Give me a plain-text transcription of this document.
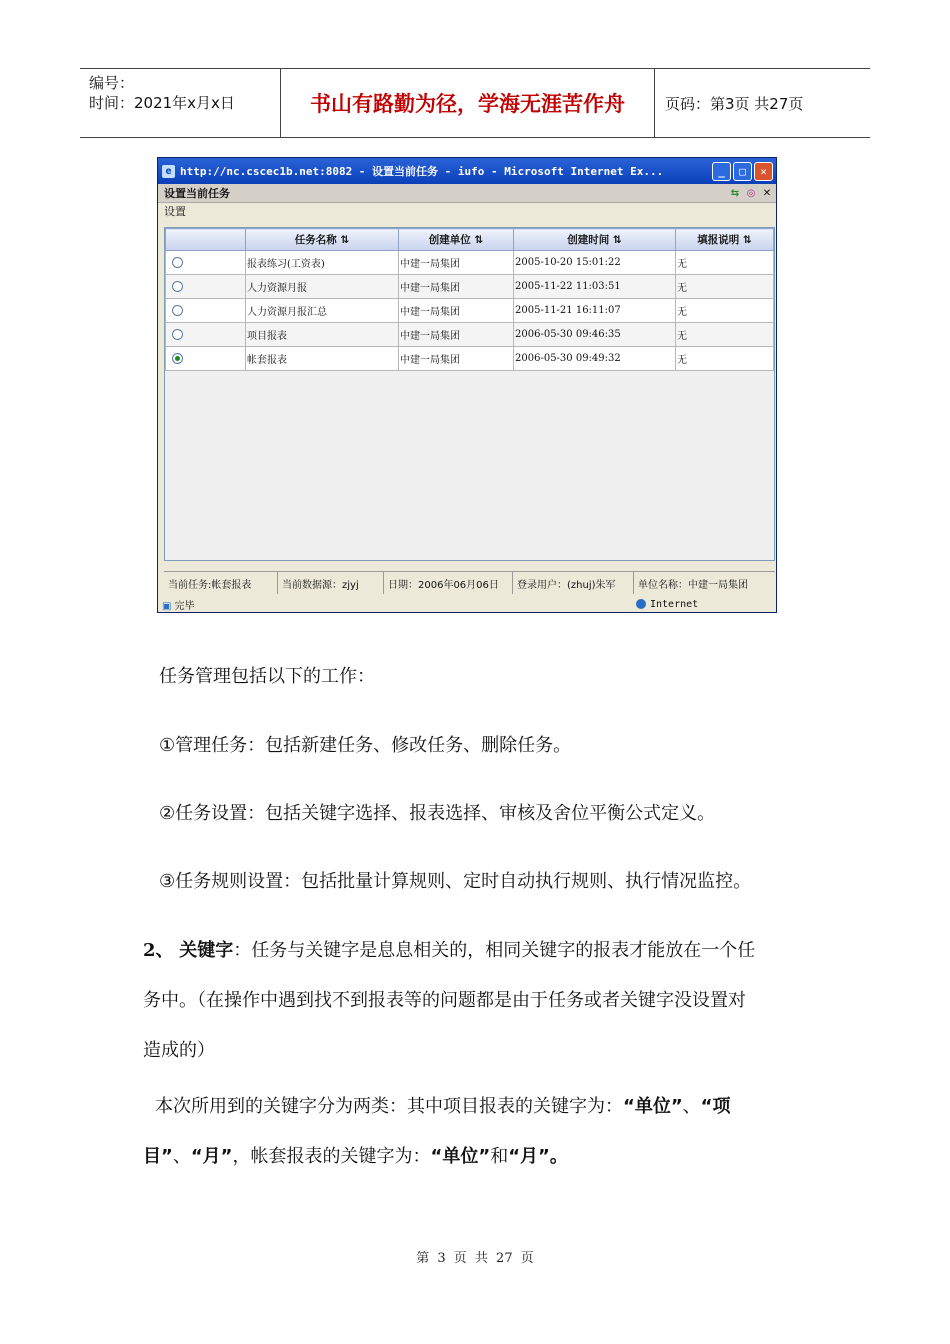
编号：
时间：2021年x月x日	书山有路勤为径，学海无涯苦作舟	页码：第3页 共27页
e http://nc.cscec1b.net:8082 - 设置当前任务 - iufo - Microsoft Internet Ex...	_	□	✕
设置当前任务	⇆ ◎ ✕
设置
	任务名称 ⇅	创建单位 ⇅	创建时间 ⇅	填报说明 ⇅
	报表练习(工资表)	中建一局集团	2005-10-20 15:01:22	无
	人力资源月报	中建一局集团	2005-11-22 11:03:51	无
	人力资源月报汇总	中建一局集团	2005-11-21 16:11:07	无
	项目报表	中建一局集团	2006-05-30 09:46:35	无
	帐套报表	中建一局集团	2006-05-30 09:49:32	无
当前任务:帐套报表	当前数据源：zjyj	日期：2006年06月06日	登录用户：(zhuj)朱军	单位名称：中建一局集团
▣ 完毕	Internet
任务管理包括以下的工作：
①管理任务：包括新建任务、修改任务、删除任务。
②任务设置：包括关键字选择、报表选择、审核及舍位平衡公式定义。
③任务规则设置：包括批量计算规则、定时自动执行规则、执行情况监控。
2、 关键字：任务与关键字是息息相关的，相同关键字的报表才能放在一个任
务中。（在操作中遇到找不到报表等的问题都是由于任务或者关键字没设置对
造成的）
本次所用到的关键字分为两类：其中项目报表的关键字为：“单位”、“项
目”、“月”，帐套报表的关键字为：“单位”和“月”。
第 3 页 共 27 页
